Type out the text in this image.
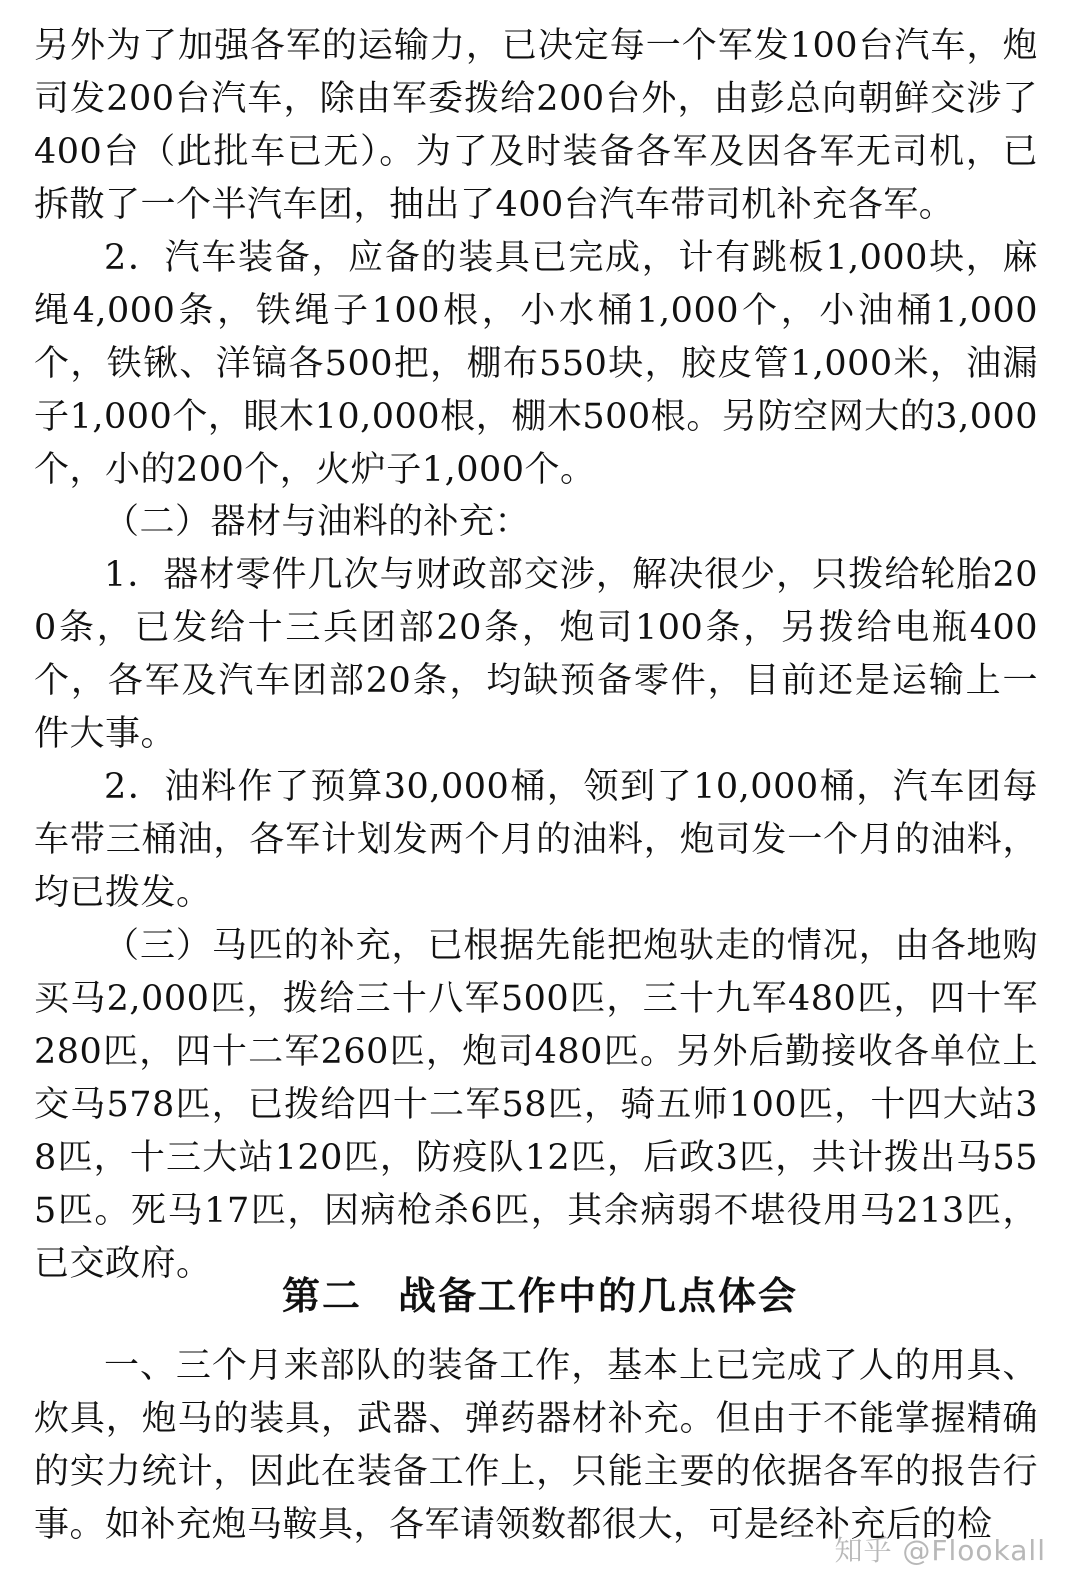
另外为了加强各军的运输力，已决定每一个军发100台汽车，炮司发200台汽车，除由军委拨给200台外，由彭总向朝鲜交涉了400台（此批车已无）。为了及时装备各军及因各军无司机，已拆散了一个半汽车团，抽出了400台汽车带司机补充各军。

2．汽车装备，应备的装具已完成，计有跳板1,000块，麻绳4,000条，铁绳子100根，小水桶1,000个，小油桶1,000个，铁锹、洋镐各500把，棚布550块，胶皮管1,000米，油漏子1,000个，眼木10,000根，棚木500根。另防空网大的3,000个，小的200个，火炉子1,000个。

（二）器材与油料的补充：

1．器材零件几次与财政部交涉，解决很少，只拨给轮胎200条，已发给十三兵团部20条，炮司100条，另拨给电瓶400个，各军及汽车团部20条，均缺预备零件，目前还是运输上一件大事。

2．油料作了预算30,000桶，领到了10,000桶，汽车团每车带三桶油，各军计划发两个月的油料，炮司发一个月的油料，均已拨发。

（三）马匹的补充，已根据先能把炮驮走的情况，由各地购买马2,000匹，拨给三十八军500匹，三十九军480匹，四十军280匹，四十二军260匹，炮司480匹。另外后勤接收各单位上交马578匹，已拨给四十二军58匹，骑五师100匹，十四大站38匹，十三大站120匹，防疫队12匹，后政3匹，共计拨出马555匹。死马17匹，因病枪杀6匹，其余病弱不堪役用马213匹，已交政府。

第二 战备工作中的几点体会

一、三个月来部队的装备工作，基本上已完成了人的用具、炊具，炮马的装具，武器、弹药器材补充。但由于不能掌握精确的实力统计，因此在装备工作上，只能主要的依据各军的报告行事。如补充炮马鞍具，各军请领数都很大，可是经补充后的检

知乎 @Flookall
